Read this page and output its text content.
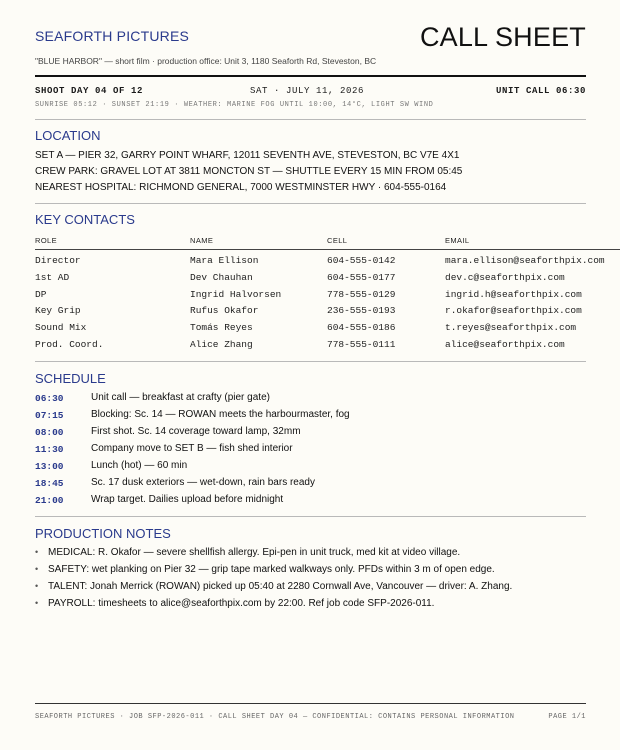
SEAFORTH PICTURES
"BLUE HARBOR" — short film · production office: Unit 3, 1180 Seaforth Rd, Steveston, BC
CALL SHEET
SHOOT DAY 04 OF 12	SAT · JULY 11, 2026	UNIT CALL 06:30
SUNRISE 05:12 · SUNSET 21:19 · WEATHER: MARINE FOG UNTIL 10:00, 14°C, LIGHT SW WIND
LOCATION
SET A — PIER 32, GARRY POINT WHARF, 12011 SEVENTH AVE, STEVESTON, BC V7E 4X1
CREW PARK: GRAVEL LOT AT 3811 MONCTON ST — SHUTTLE EVERY 15 MIN FROM 05:45
NEAREST HOSPITAL: RICHMOND GENERAL, 7000 WESTMINSTER HWY · 604-555-0164
KEY CONTACTS
ROLE	NAME	CELL	EMAIL
Director	Mara Ellison	604-555-0142	mara.ellison@seaforthpix.com
1st AD	Dev Chauhan	604-555-0177	dev.c@seaforthpix.com
DP	Ingrid Halvorsen	778-555-0129	ingrid.h@seaforthpix.com
Key Grip	Rufus Okafor	236-555-0193	r.okafor@seaforthpix.com
Sound Mix	Tomás Reyes	604-555-0186	t.reyes@seaforthpix.com
Prod. Coord.	Alice Zhang	778-555-0111	alice@seaforthpix.com
SCHEDULE
06:30	Unit call — breakfast at crafty (pier gate)
07:15	Blocking: Sc. 14 — ROWAN meets the harbourmaster, fog
08:00	First shot. Sc. 14 coverage toward lamp, 32mm
11:30	Company move to SET B — fish shed interior
13:00	Lunch (hot) — 60 min
18:45	Sc. 17 dusk exteriors — wet-down, rain bars ready
21:00	Wrap target. Dailies upload before midnight
PRODUCTION NOTES
• MEDICAL: R. Okafor — severe shellfish allergy. Epi-pen in unit truck, med kit at video village.
• SAFETY: wet planking on Pier 32 — grip tape marked walkways only. PFDs within 3 m of open edge.
• TALENT: Jonah Merrick (ROWAN) picked up 05:40 at 2280 Cornwall Ave, Vancouver — driver: A. Zhang.
• PAYROLL: timesheets to alice@seaforthpix.com by 22:00. Ref job code SFP-2026-011.
SEAFORTH PICTURES · JOB SFP-2026-011 · CALL SHEET DAY 04 — CONFIDENTIAL: CONTAINS PERSONAL INFORMATION	PAGE 1/1
